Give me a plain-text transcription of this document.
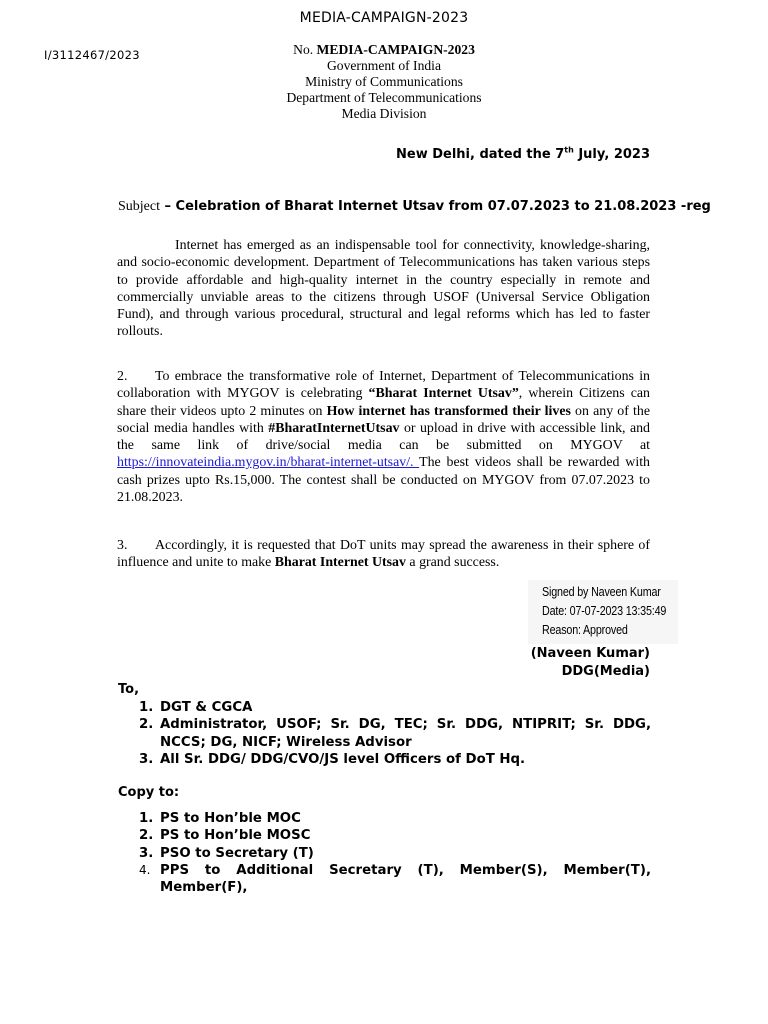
MEDIA-CAMPAIGN-2023
I/3112467/2023	No. MEDIA-CAMPAIGN-2023
Government of India
Ministry of Communications
Department of Telecommunications
Media Division
New Delhi, dated the 7th July, 2023
Subject – Celebration of Bharat Internet Utsav from 07.07.2023 to 21.08.2023 -reg
Internet has emerged as an indispensable tool for connectivity, knowledge-sharing, and socio-economic development. Department of Telecommunications has taken various steps to provide affordable and high-quality internet in the country especially in remote and commercially unviable areas to the citizens through USOF (Universal Service Obligation Fund), and through various procedural, structural and legal reforms which has led to faster rollouts.
2. To embrace the transformative role of Internet, Department of Telecommunications in collaboration with MYGOV is celebrating “Bharat Internet Utsav”, wherein Citizens can share their videos upto 2 minutes on How internet has transformed their lives on any of the social media handles with #BharatInternetUtsav or upload in drive with accessible link, and the same link of drive/social media can be submitted on MYGOV at https://innovateindia.mygov.in/bharat-internet-utsav/. The best videos shall be rewarded with cash prizes upto Rs.15,000. The contest shall be conducted on MYGOV from 07.07.2023 to 21.08.2023.
3. Accordingly, it is requested that DoT units may spread the awareness in their sphere of influence and unite to make Bharat Internet Utsav a grand success.
Signed by Naveen Kumar
Date: 07-07-2023 13:35:49
Reason: Approved
(Naveen Kumar)
DDG(Media)
To,
1. DGT & CGCA
2. Administrator, USOF; Sr. DG, TEC; Sr. DDG, NTIPRIT; Sr. DDG, NCCS; DG, NICF; Wireless Advisor
3. All Sr. DDG/ DDG/CVO/JS level Officers of DoT Hq.
Copy to:
1. PS to Hon’ble MOC
2. PS to Hon’ble MOSC
3. PSO to Secretary (T)
4. PPS to Additional Secretary (T), Member(S), Member(T), Member(F),
